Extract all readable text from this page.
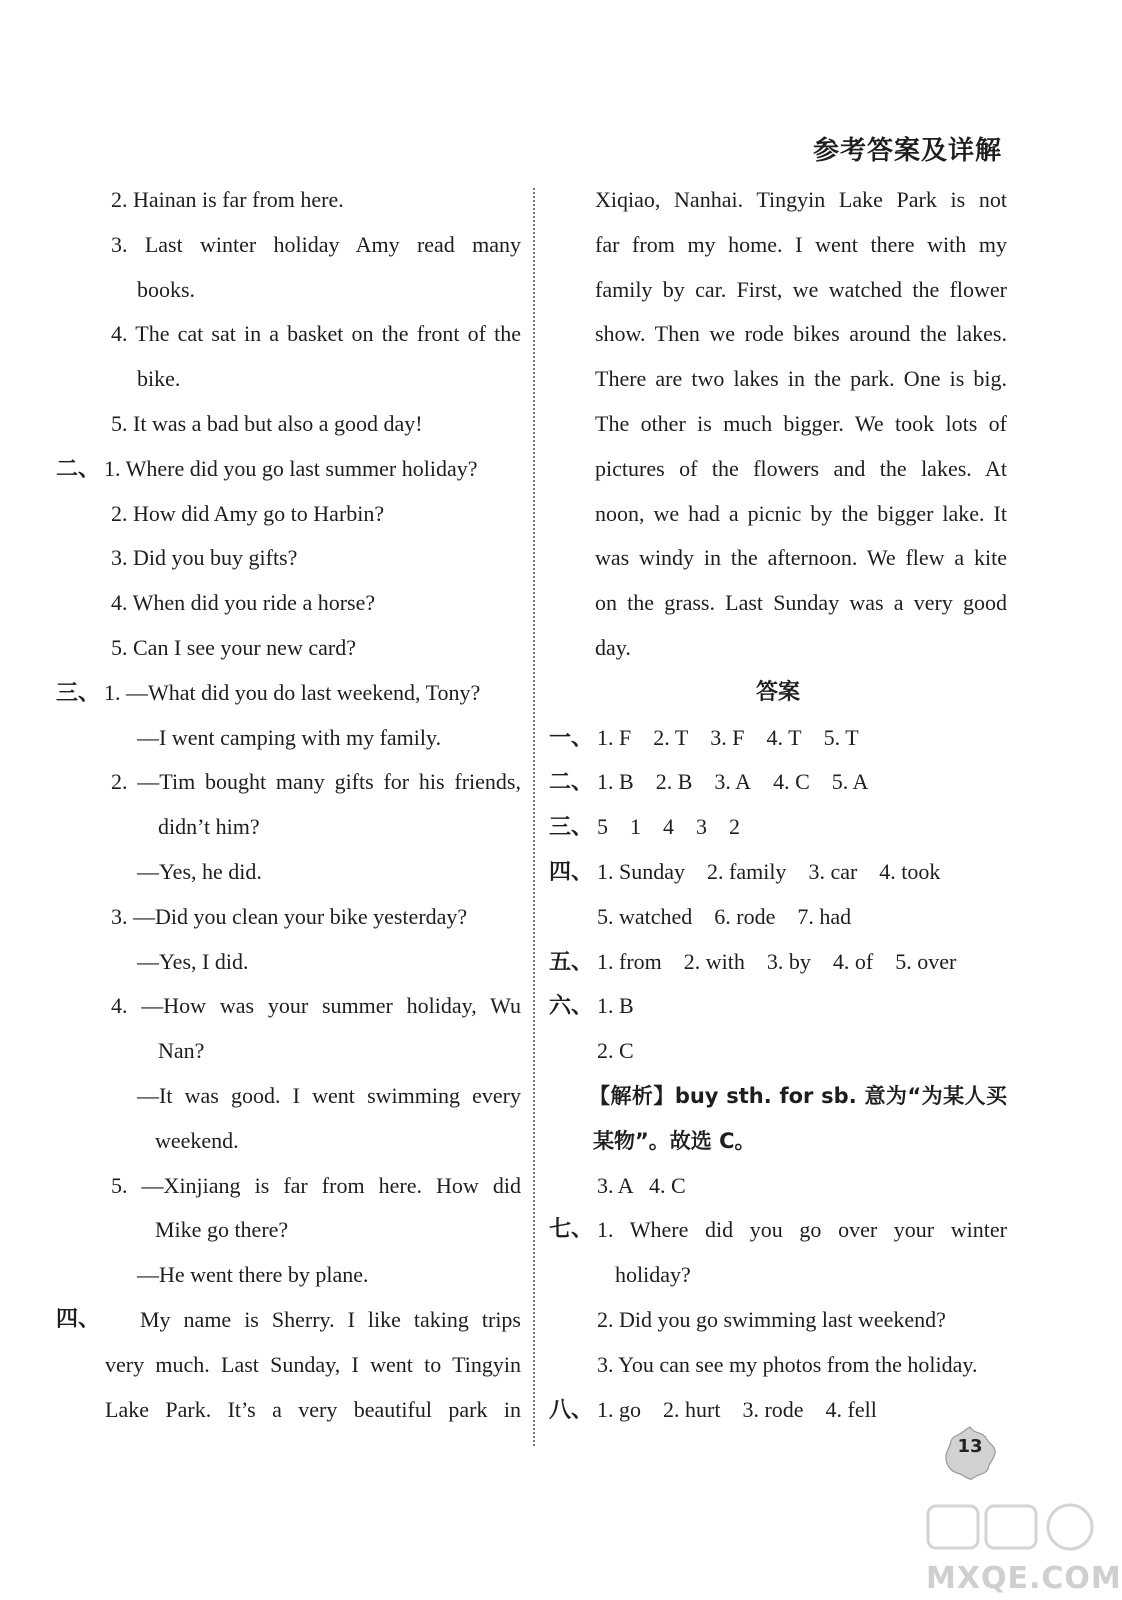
参考答案及详解
2. Hainan is far from here.
3. Last winter holiday Amy read many
books.
4. The cat sat in a basket on the front of the
bike.
5. It was a bad but also a good day!
二、 1. Where did you go last summer holiday?
2. How did Amy go to Harbin?
3. Did you buy gifts?
4. When did you ride a horse?
5. Can I see your new card?
三、 1. —What did you do last weekend, Tony?
—I went camping with my family.
2. —Tim bought many gifts for his friends,
didn’t him?
—Yes, he did.
3. —Did you clean your bike yesterday?
—Yes, I did.
4. —How was your summer holiday, Wu
Nan?
—It was good. I went swimming every
weekend.
5. —Xinjiang is far from here. How did
Mike go there?
—He went there by plane.
四、	My name is Sherry. I like taking trips
very much. Last Sunday, I went to Tingyin
Lake Park. It’s a very beautiful park in
Xiqiao, Nanhai. Tingyin Lake Park is not
far from my home. I went there with my
family by car. First, we watched the flower
show. Then we rode bikes around the lakes.
There are two lakes in the park. One is big.
The other is much bigger. We took lots of
pictures of the flowers and the lakes. At
noon, we had a picnic by the bigger lake. It
was windy in the afternoon. We flew a kite
on the grass. Last Sunday was a very good
day.
答案
一、 1. F 2. T 3. F 4. T 5. T
二、 1. B 2. B 3. A 4. C 5. A
三、 5 1 4 3 2
四、 1. Sunday 2. family 3. car 4. took
5. watched 6. rode 7. had
五、 1. from 2. with 3. by 4. of 5. over
六、 1. B
2. C
【解析】buy sth. for sb. 意为“为某人买
某物”。故选 C。
3. A   4. C
七、 1. Where did you go over your winter
holiday?
2. Did you go swimming last weekend?
3. You can see my photos from the holiday.
八、 1. go 2. hurt 3. rode 4. fell
13
MXQE.COM
